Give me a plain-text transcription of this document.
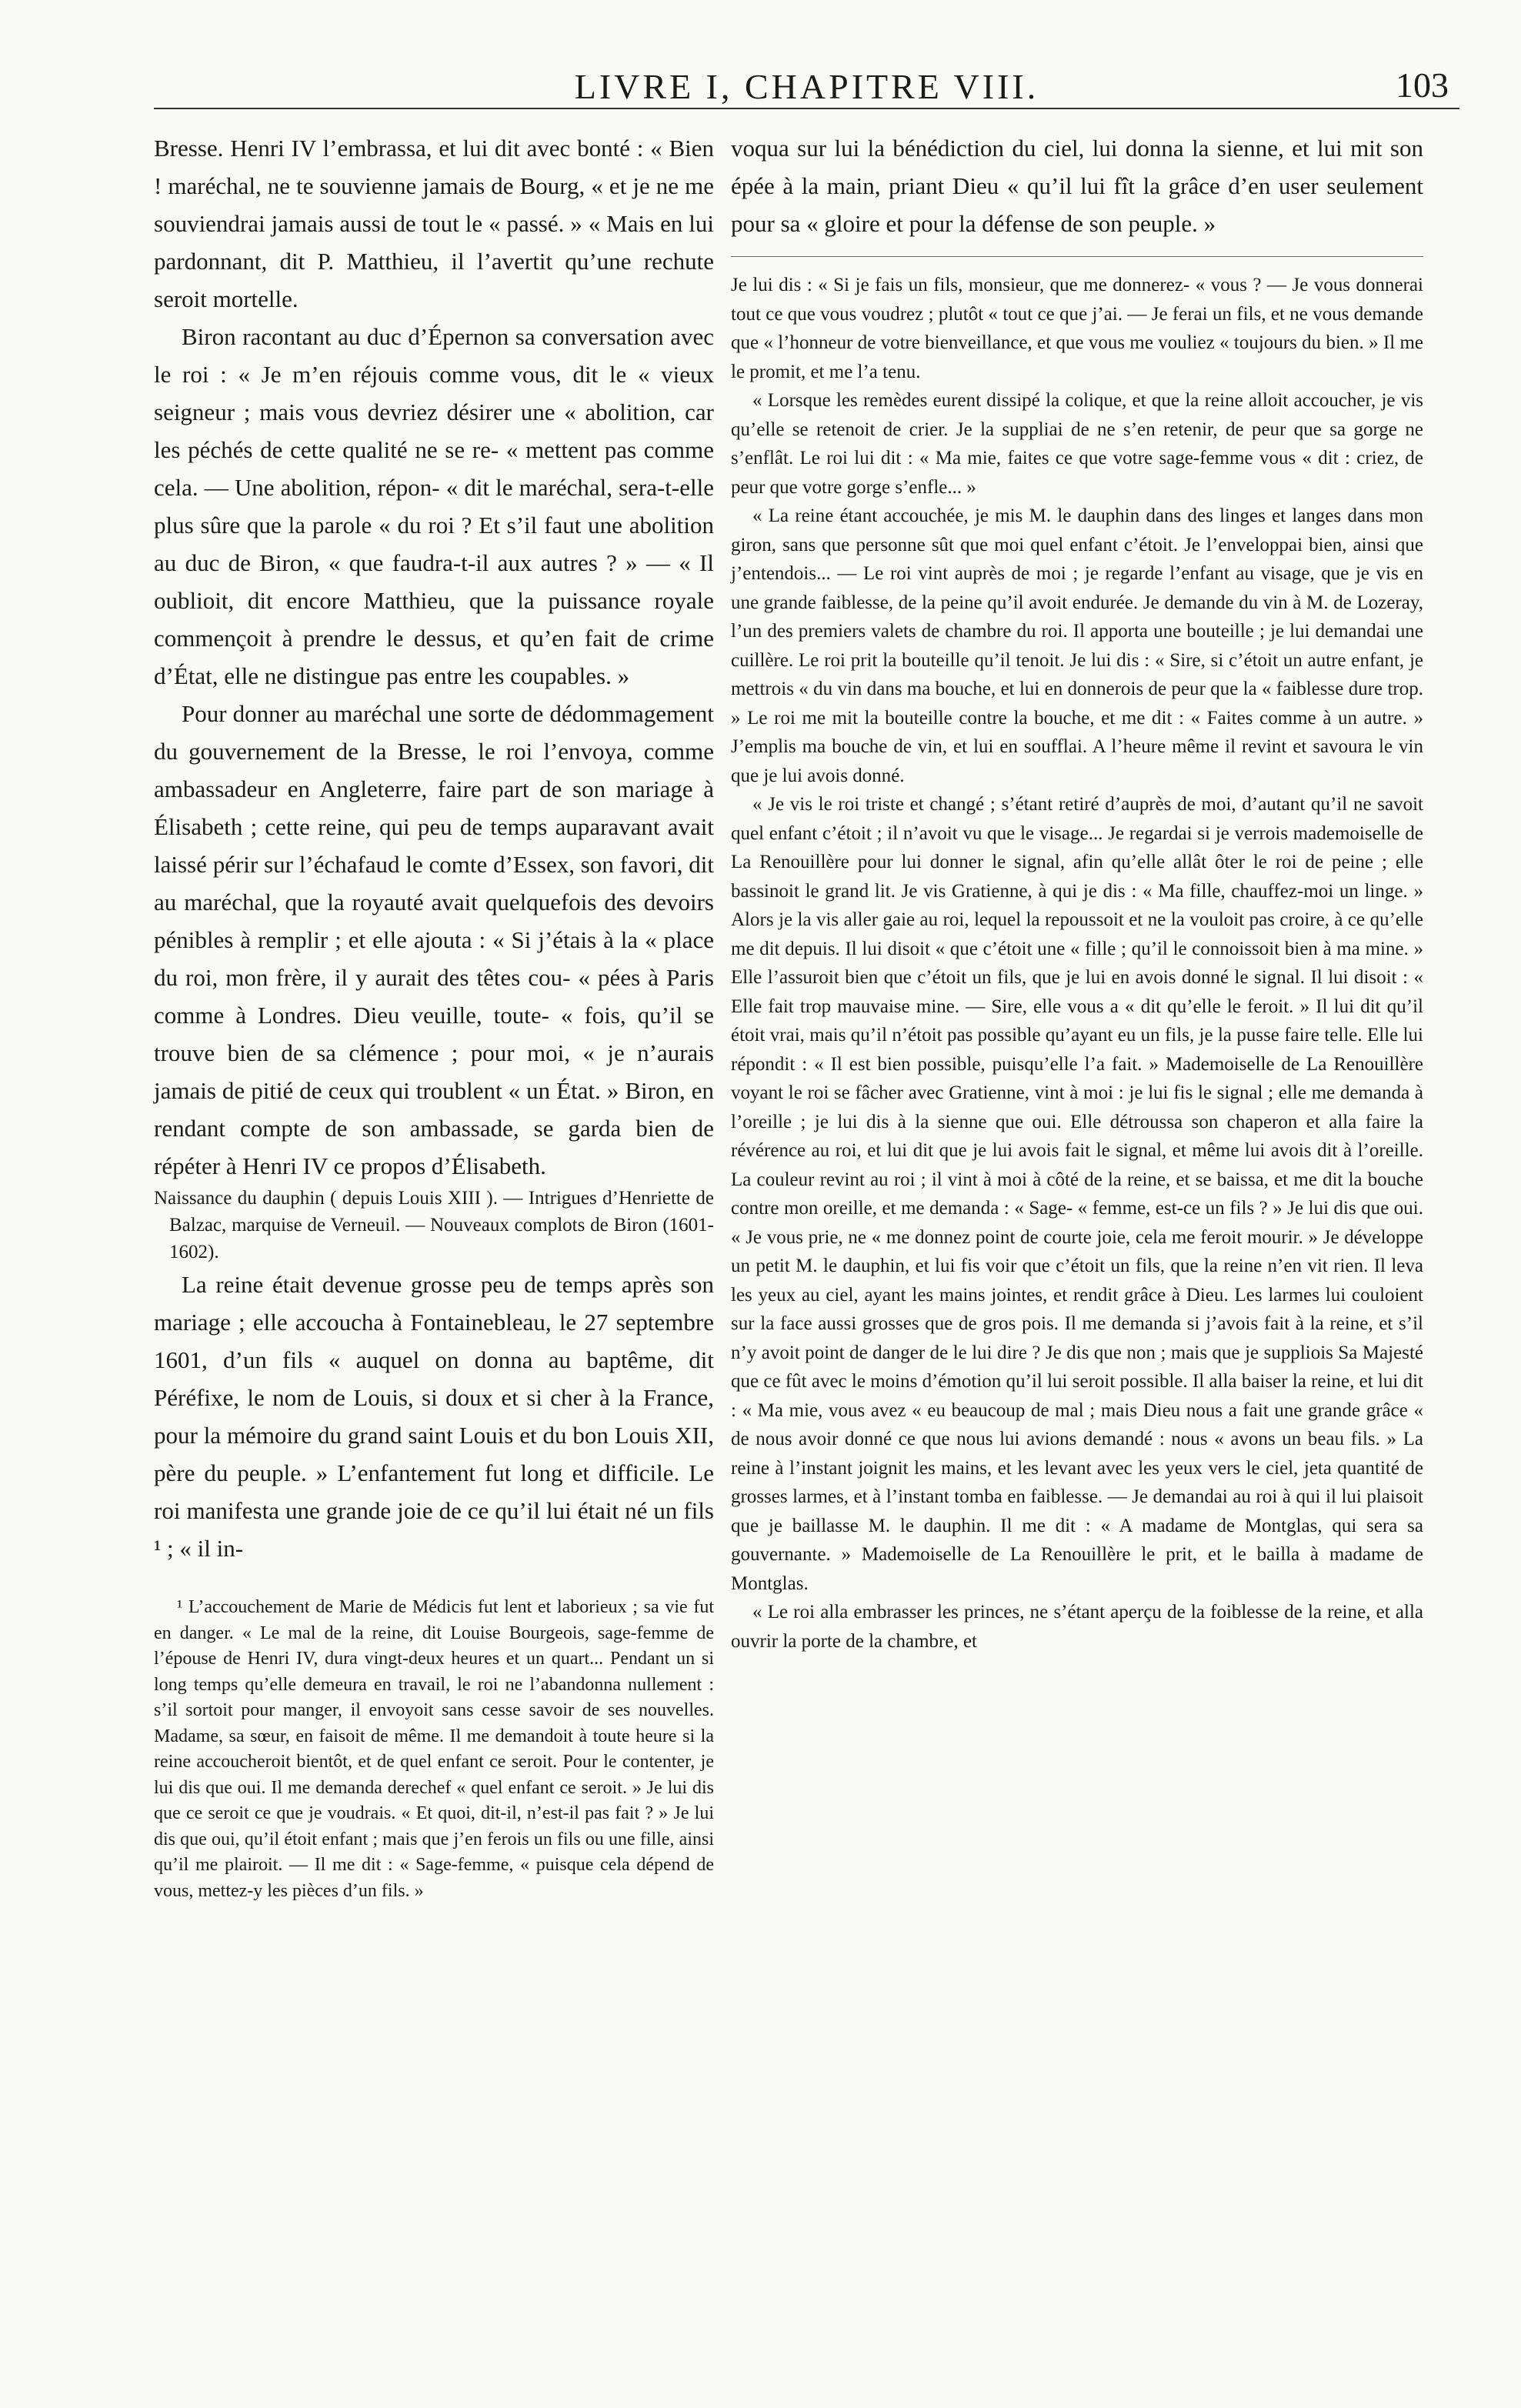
LIVRE I, CHAPITRE VIII.	103

Bresse. Henri IV l’embrassa, et lui dit avec bonté : « Bien ! maréchal, ne te souvienne jamais de Bourg, « et je ne me souviendrai jamais aussi de tout le « passé. » « Mais en lui pardonnant, dit P. Matthieu, il l’avertit qu’une rechute seroit mortelle.

Biron racontant au duc d’Épernon sa conversation avec le roi : « Je m’en réjouis comme vous, dit le « vieux seigneur ; mais vous devriez désirer une « abolition, car les péchés de cette qualité ne se re- « mettent pas comme cela. — Une abolition, répon- « dit le maréchal, sera-t-elle plus sûre que la parole « du roi ? Et s’il faut une abolition au duc de Biron, « que faudra-t-il aux autres ? » — « Il oublioit, dit encore Matthieu, que la puissance royale commençoit à prendre le dessus, et qu’en fait de crime d’État, elle ne distingue pas entre les coupables. »

Pour donner au maréchal une sorte de dédommagement du gouvernement de la Bresse, le roi l’envoya, comme ambassadeur en Angleterre, faire part de son mariage à Élisabeth ; cette reine, qui peu de temps auparavant avait laissé périr sur l’échafaud le comte d’Essex, son favori, dit au maréchal, que la royauté avait quelquefois des devoirs pénibles à remplir ; et elle ajouta : « Si j’étais à la « place du roi, mon frère, il y aurait des têtes cou- « pées à Paris comme à Londres. Dieu veuille, toute- « fois, qu’il se trouve bien de sa clémence ; pour moi, « je n’aurais jamais de pitié de ceux qui troublent « un État. » Biron, en rendant compte de son ambassade, se garda bien de répéter à Henri IV ce propos d’Élisabeth.

Naissance du dauphin ( depuis Louis XIII ). — Intrigues d’Henriette de Balzac, marquise de Verneuil. — Nouveaux complots de Biron (1601-1602).

La reine était devenue grosse peu de temps après son mariage ; elle accoucha à Fontainebleau, le 27 septembre 1601, d’un fils « auquel on donna au baptême, dit Péréfixe, le nom de Louis, si doux et si cher à la France, pour la mémoire du grand saint Louis et du bon Louis XII, père du peuple. » L’enfantement fut long et difficile. Le roi manifesta une grande joie de ce qu’il lui était né un fils ¹ ; « il in-

¹ L’accouchement de Marie de Médicis fut lent et laborieux ; sa vie fut en danger. « Le mal de la reine, dit Louise Bourgeois, sage-femme de l’épouse de Henri IV, dura vingt-deux heures et un quart... Pendant un si long temps qu’elle demeura en travail, le roi ne l’abandonna nullement : s’il sortoit pour manger, il envoyoit sans cesse savoir de ses nouvelles. Madame, sa sœur, en faisoit de même. Il me demandoit à toute heure si la reine accoucheroit bientôt, et de quel enfant ce seroit. Pour le contenter, je lui dis que oui. Il me demanda derechef « quel enfant ce seroit. » Je lui dis que ce seroit ce que je voudrais. « Et quoi, dit-il, n’est-il pas fait ? » Je lui dis que oui, qu’il étoit enfant ; mais que j’en ferois un fils ou une fille, ainsi qu’il me plairoit. — Il me dit : « Sage-femme, « puisque cela dépend de vous, mettez-y les pièces d’un fils. »

voqua sur lui la bénédiction du ciel, lui donna la sienne, et lui mit son épée à la main, priant Dieu « qu’il lui fît la grâce d’en user seulement pour sa « gloire et pour la défense de son peuple. »

Je lui dis : « Si je fais un fils, monsieur, que me donnerez- « vous ? — Je vous donnerai tout ce que vous voudrez ; plutôt « tout ce que j’ai. — Je ferai un fils, et ne vous demande que « l’honneur de votre bienveillance, et que vous me vouliez « toujours du bien. » Il me le promit, et me l’a tenu.

« Lorsque les remèdes eurent dissipé la colique, et que la reine alloit accoucher, je vis qu’elle se retenoit de crier. Je la suppliai de ne s’en retenir, de peur que sa gorge ne s’enflât. Le roi lui dit : « Ma mie, faites ce que votre sage-femme vous « dit : criez, de peur que votre gorge s’enfle... »

« La reine étant accouchée, je mis M. le dauphin dans des linges et langes dans mon giron, sans que personne sût que moi quel enfant c’étoit. Je l’enveloppai bien, ainsi que j’entendois... — Le roi vint auprès de moi ; je regarde l’enfant au visage, que je vis en une grande faiblesse, de la peine qu’il avoit endurée. Je demande du vin à M. de Lozeray, l’un des premiers valets de chambre du roi. Il apporta une bouteille ; je lui demandai une cuillère. Le roi prit la bouteille qu’il tenoit. Je lui dis : « Sire, si c’étoit un autre enfant, je mettrois « du vin dans ma bouche, et lui en donnerois de peur que la « faiblesse dure trop. » Le roi me mit la bouteille contre la bouche, et me dit : « Faites comme à un autre. » J’emplis ma bouche de vin, et lui en soufflai. A l’heure même il revint et savoura le vin que je lui avois donné.

« Je vis le roi triste et changé ; s’étant retiré d’auprès de moi, d’autant qu’il ne savoit quel enfant c’étoit ; il n’avoit vu que le visage... Je regardai si je verrois mademoiselle de La Renouillère pour lui donner le signal, afin qu’elle allât ôter le roi de peine ; elle bassinoit le grand lit. Je vis Gratienne, à qui je dis : « Ma fille, chauffez-moi un linge. » Alors je la vis aller gaie au roi, lequel la repoussoit et ne la vouloit pas croire, à ce qu’elle me dit depuis. Il lui disoit « que c’étoit une « fille ; qu’il le connoissoit bien à ma mine. » Elle l’assuroit bien que c’étoit un fils, que je lui en avois donné le signal. Il lui disoit : « Elle fait trop mauvaise mine. — Sire, elle vous a « dit qu’elle le feroit. » Il lui dit qu’il étoit vrai, mais qu’il n’étoit pas possible qu’ayant eu un fils, je la pusse faire telle. Elle lui répondit : « Il est bien possible, puisqu’elle l’a fait. » Mademoiselle de La Renouillère voyant le roi se fâcher avec Gratienne, vint à moi : je lui fis le signal ; elle me demanda à l’oreille ; je lui dis à la sienne que oui. Elle détroussa son chaperon et alla faire la révérence au roi, et lui dit que je lui avois fait le signal, et même lui avois dit à l’oreille. La couleur revint au roi ; il vint à moi à côté de la reine, et se baissa, et me dit la bouche contre mon oreille, et me demanda : « Sage- « femme, est-ce un fils ? » Je lui dis que oui. « Je vous prie, ne « me donnez point de courte joie, cela me feroit mourir. » Je développe un petit M. le dauphin, et lui fis voir que c’étoit un fils, que la reine n’en vit rien. Il leva les yeux au ciel, ayant les mains jointes, et rendit grâce à Dieu. Les larmes lui couloient sur la face aussi grosses que de gros pois. Il me demanda si j’avois fait à la reine, et s’il n’y avoit point de danger de le lui dire ? Je dis que non ; mais que je suppliois Sa Majesté que ce fût avec le moins d’émotion qu’il lui seroit possible. Il alla baiser la reine, et lui dit : « Ma mie, vous avez « eu beaucoup de mal ; mais Dieu nous a fait une grande grâce « de nous avoir donné ce que nous lui avions demandé : nous « avons un beau fils. » La reine à l’instant joignit les mains, et les levant avec les yeux vers le ciel, jeta quantité de grosses larmes, et à l’instant tomba en faiblesse. — Je demandai au roi à qui il lui plaisoit que je baillasse M. le dauphin. Il me dit : « A madame de Montglas, qui sera sa gouvernante. » Mademoiselle de La Renouillère le prit, et le bailla à madame de Montglas.

« Le roi alla embrasser les princes, ne s’étant aperçu de la foiblesse de la reine, et alla ouvrir la porte de la chambre, et
